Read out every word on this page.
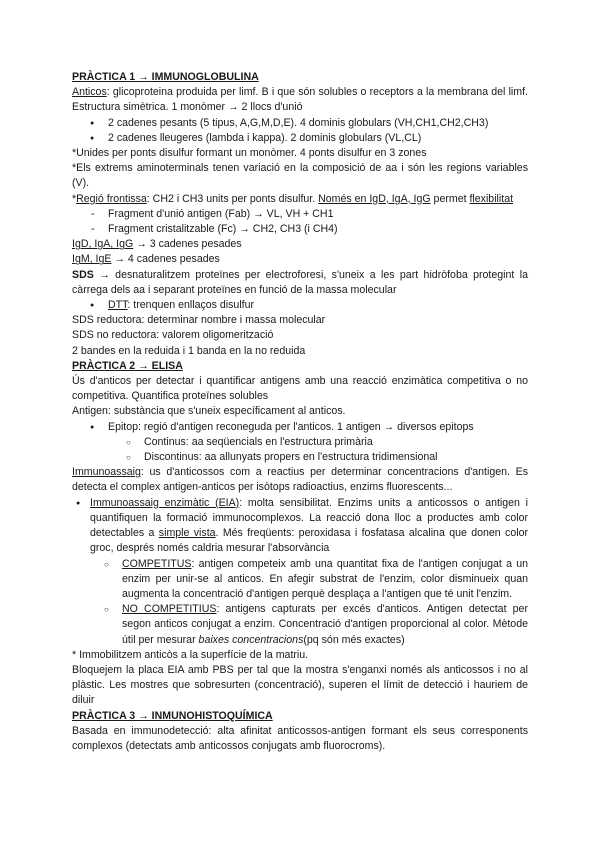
PRÀCTICA 1 → IMMUNOGLOBULINA

Anticos: glicoproteina produida per limf. B i que són solubles o receptors a la membrana del limf. Estructura simètrica. 1 monòmer → 2 llocs d'unió

● 2 cadenes pesants (5 tipus, A,G,M,D,E). 4 dominis globulars (VH,CH1,CH2,CH3)
● 2 cadenes lleugeres (lambda i kappa). 2 dominis globulars (VL,CL)

*Unides per ponts disulfur formant un monòmer. 4 ponts disulfur en 3 zones

*Els extrems aminoterminals tenen variació en la composició de aa i són les regions variables (V).

*Regió frontissa: CH2 i CH3 units per ponts disulfur. Només en IgD, IgA, IgG permet flexibilitat

- Fragment d'unió antigen (Fab) → VL, VH + CH1
- Fragment cristalitzable (Fc) → CH2, CH3 (i CH4)

IgD, IgA, IgG → 3 cadenes pesades

IgM, IgE → 4 cadenes pesades

SDS → desnaturalitzem proteïnes per electroforesi, s'uneix a les part hidròfoba protegint la càrrega dels aa i separant proteïnes en funció de la massa molecular

● DTT: trenquen enllaços disulfur

SDS reductora: determinar nombre i massa molecular

SDS no reductora: valorem oligomerització

2 bandes en la reduida i 1 banda en la no reduida

PRÀCTICA 2 → ELISA

Ús d'anticos per detectar i quantificar antigens amb una reacció enzimàtica competitiva o no competitiva. Quantifica proteïnes solubles

Antigen: substància que s'uneix específicament al anticos.

● Epitop: regió d'antigen reconeguda per l'anticos. 1 antigen → diversos epitops
○ Continus: aa seqüencials en l'estructura primària
○ Discontinus: aa allunyats propers en l'estructura tridimensional

Immunoassaig: us d'anticossos com a reactius per determinar concentracions d'antigen. Es detecta el complex antigen-anticos per isòtops radioactius, enzims fluorescents...

● Immunoassaig enzimàtic (EIA): molta sensibilitat. Enzims units a anticossos o antigen i quantifiquen la formació immunocomplexos. La reacció dona lloc a productes amb color detectables a simple vista. Més freqüents: peroxidasa i fosfatasa alcalina que donen color groc, després només caldria mesurar l'absorvància
○ COMPETITUS: antigen competeix amb una quantitat fixa de l'antigen conjugat a un enzim per unir-se al anticos. En afegir substrat de l'enzim, color disminueix quan augmenta la concentració d'antigen perquè desplaça a l'antigen que té unit l'enzim.
○ NO COMPETITIUS: antigens capturats per excés d'anticos. Antigen detectat per segon anticos conjugat a enzim. Concentració d'antigen proporcional al color. Mètode útil per mesurar baixes concentracions(pq són més exactes)

* Immobilitzem anticòs a la superfície de la matriu.

Bloquejem la placa EIA amb PBS per tal que la mostra s'enganxi només als anticossos i no al plàstic. Les mostres que sobresurten (concentració), superen el límit de detecció i hauriem de diluir

PRÀCTICA 3 → INMUNOHISTOQUÍMICA

Basada en immunodetecció: alta afinitat anticossos-antigen formant els seus corresponents complexos (detectats amb anticossos conjugats amb fluorocroms).
